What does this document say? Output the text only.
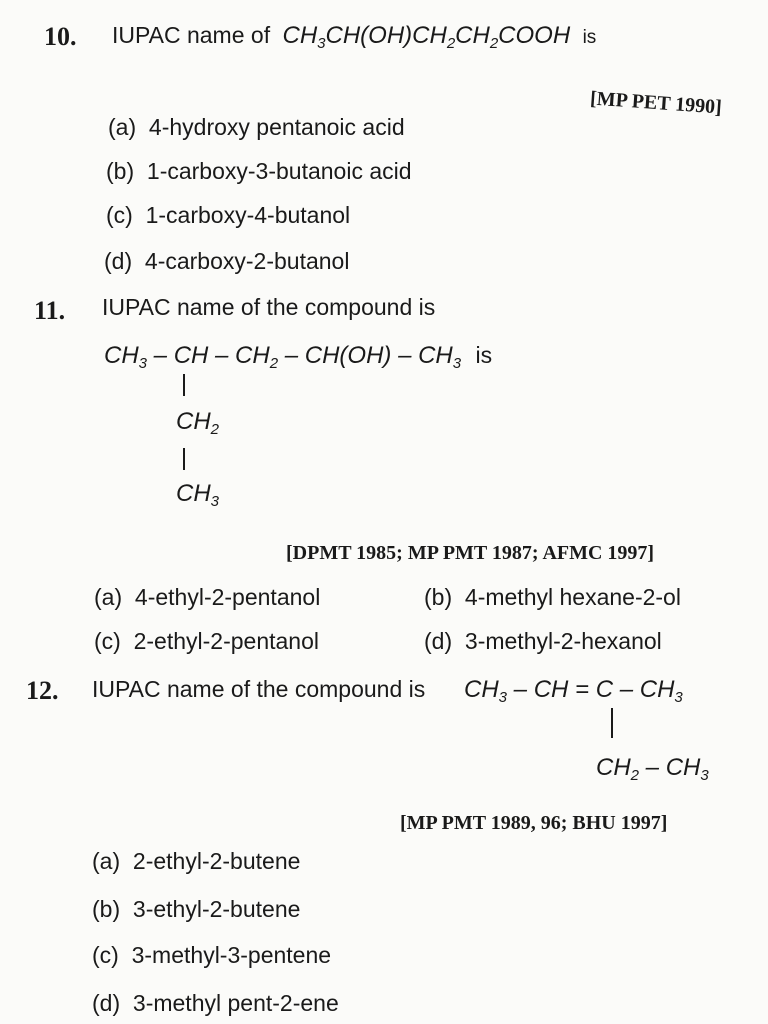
10. IUPAC name of $CH_3CH(OH)CH_2CH_2COOH$ is
[MP PET 1990]
(a) 4-hydroxy pentanoic acid
(b) 1-carboxy-3-butanoic acid
(c) 1-carboxy-4-butanol
(d) 4-carboxy-2-butanol
11. IUPAC name of the compound is
$CH_3$ – CH – $CH_2 - CH(OH) - CH_3$ is
$CH_2$
$CH_3$
[DPMT 1985; MP PMT 1987; AFMC 1997]
(a) 4-ethyl-2-pentanol	(b) 4-methyl hexane-2-ol
(c) 2-ethyl-2-pentanol	(d) 3-methyl-2-hexanol
12. IUPAC name of the compound is $CH_3$ – CH = C – $CH_3$
$CH_2 - CH_3$
[MP PMT 1989, 96; BHU 1997]
(a) 2-ethyl-2-butene
(b) 3-ethyl-2-butene
(c) 3-methyl-3-pentene
(d) 3-methyl pent-2-ene
